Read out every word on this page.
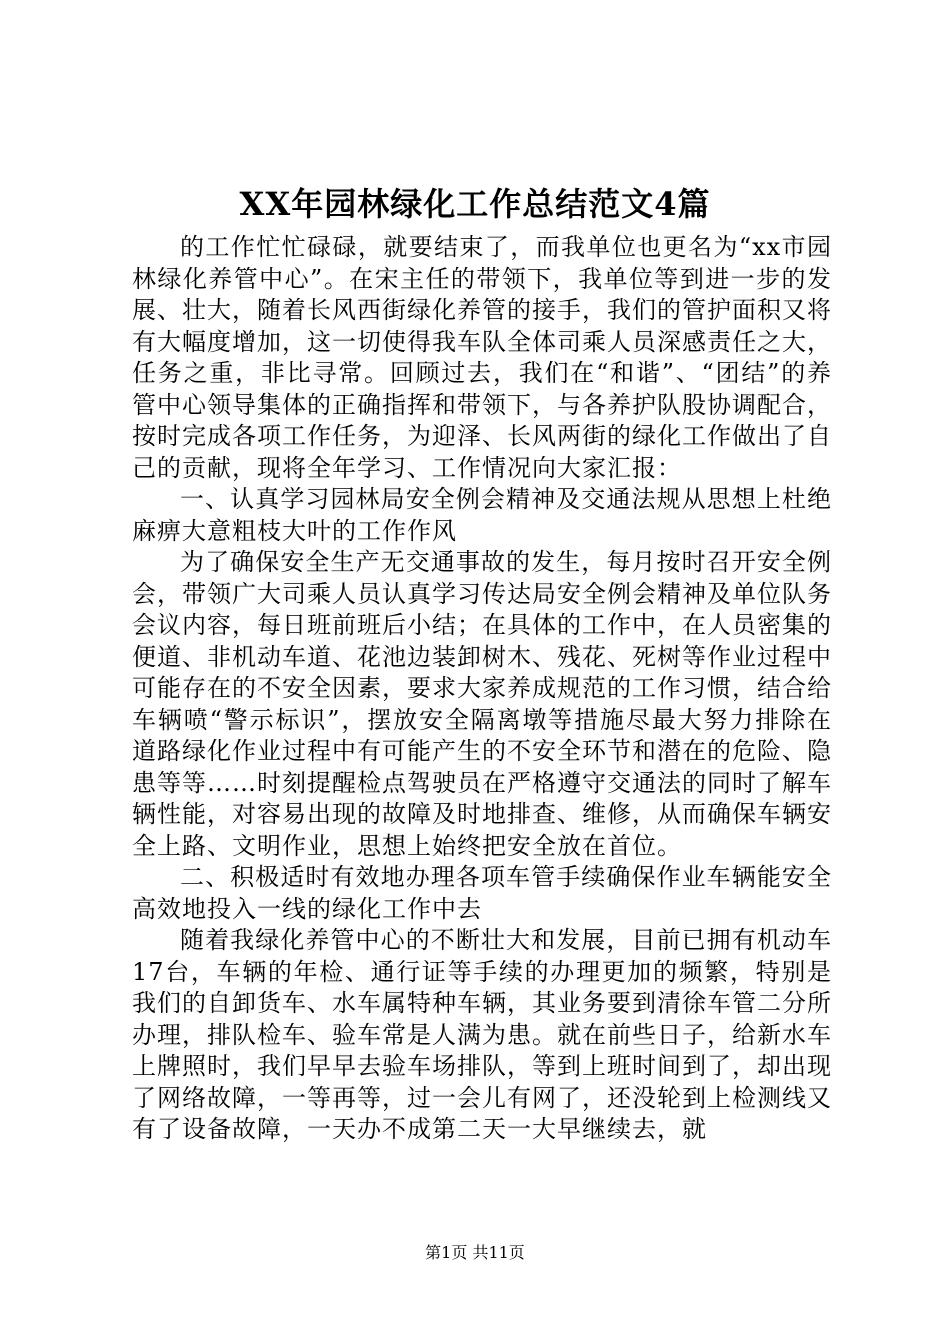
XX年园林绿化工作总结范文4篇

的工作忙忙碌碌，就要结束了，而我单位也更名为“xx市园林绿化养管中心”。在宋主任的带领下，我单位等到进一步的发展、壮大，随着长风西街绿化养管的接手，我们的管护面积又将有大幅度增加，这一切使得我车队全体司乘人员深感责任之大，任务之重，非比寻常。回顾过去，我们在“和谐”、“团结”的养管中心领导集体的正确指挥和带领下，与各养护队股协调配合，按时完成各项工作任务，为迎泽、长风两街的绿化工作做出了自己的贡献，现将全年学习、工作情况向大家汇报：

一、认真学习园林局安全例会精神及交通法规从思想上杜绝麻痹大意粗枝大叶的工作作风

为了确保安全生产无交通事故的发生，每月按时召开安全例会，带领广大司乘人员认真学习传达局安全例会精神及单位队务会议内容，每日班前班后小结；在具体的工作中，在人员密集的便道、非机动车道、花池边装卸树木、残花、死树等作业过程中可能存在的不安全因素，要求大家养成规范的工作习惯，结合给车辆喷“警示标识”，摆放安全隔离墩等措施尽最大努力排除在道路绿化作业过程中有可能产生的不安全环节和潜在的危险、隐患等等……时刻提醒检点驾驶员在严格遵守交通法的同时了解车辆性能，对容易出现的故障及时地排查、维修，从而确保车辆安全上路、文明作业，思想上始终把安全放在首位。

二、积极适时有效地办理各项车管手续确保作业车辆能安全高效地投入一线的绿化工作中去

随着我绿化养管中心的不断壮大和发展，目前已拥有机动车17台，车辆的年检、通行证等手续的办理更加的频繁，特别是我们的自卸货车、水车属特种车辆，其业务要到清徐车管二分所办理，排队检车、验车常是人满为患。就在前些日子，给新水车上牌照时，我们早早去验车场排队，等到上班时间到了，却出现了网络故障，一等再等，过一会儿有网了，还没轮到上检测线又有了设备故障，一天办不成第二天一大早继续去，就

第1页 共11页
